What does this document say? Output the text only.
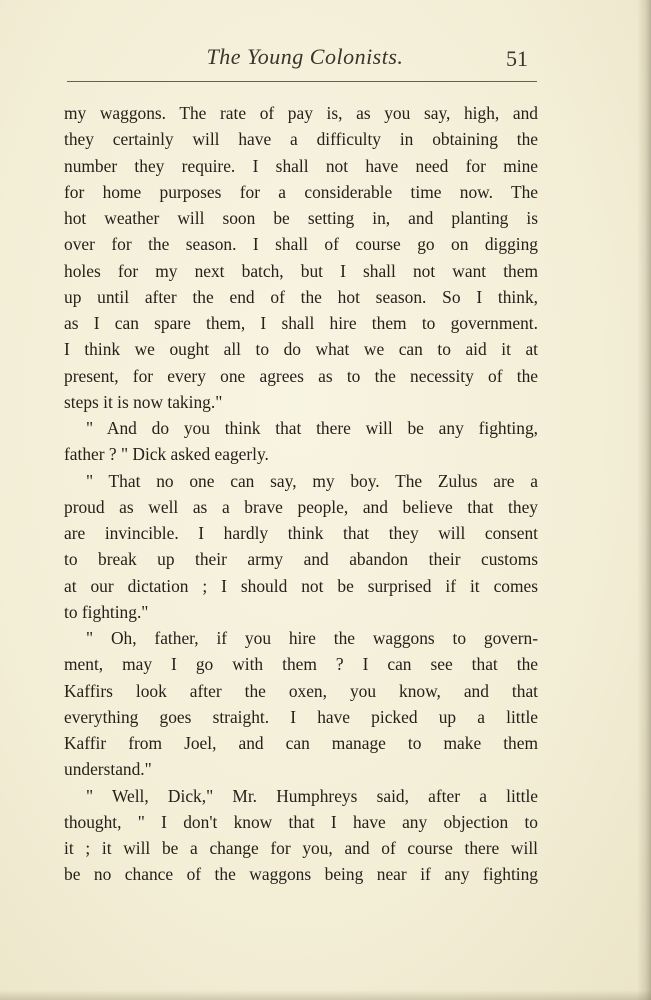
The Young Colonists.	51
my waggons. The rate of pay is, as you say, high, and
they certainly will have a difficulty in obtaining the
number they require. I shall not have need for mine
for home purposes for a considerable time now. The
hot weather will soon be setting in, and planting is
over for the season. I shall of course go on digging
holes for my next batch, but I shall not want them
up until after the end of the hot season. So I think,
as I can spare them, I shall hire them to government.
I think we ought all to do what we can to aid it at
present, for every one agrees as to the necessity of the
steps it is now taking."
" And do you think that there will be any fighting,
father ? " Dick asked eagerly.
" That no one can say, my boy. The Zulus are a
proud as well as a brave people, and believe that they
are invincible. I hardly think that they will consent
to break up their army and abandon their customs
at our dictation ; I should not be surprised if it comes
to fighting."
" Oh, father, if you hire the waggons to govern-
ment, may I go with them ? I can see that the
Kaffirs look after the oxen, you know, and that
everything goes straight. I have picked up a little
Kaffir from Joel, and can manage to make them
understand."
" Well, Dick," Mr. Humphreys said, after a little
thought, " I don't know that I have any objection to
it ; it will be a change for you, and of course there will
be no chance of the waggons being near if any fighting
